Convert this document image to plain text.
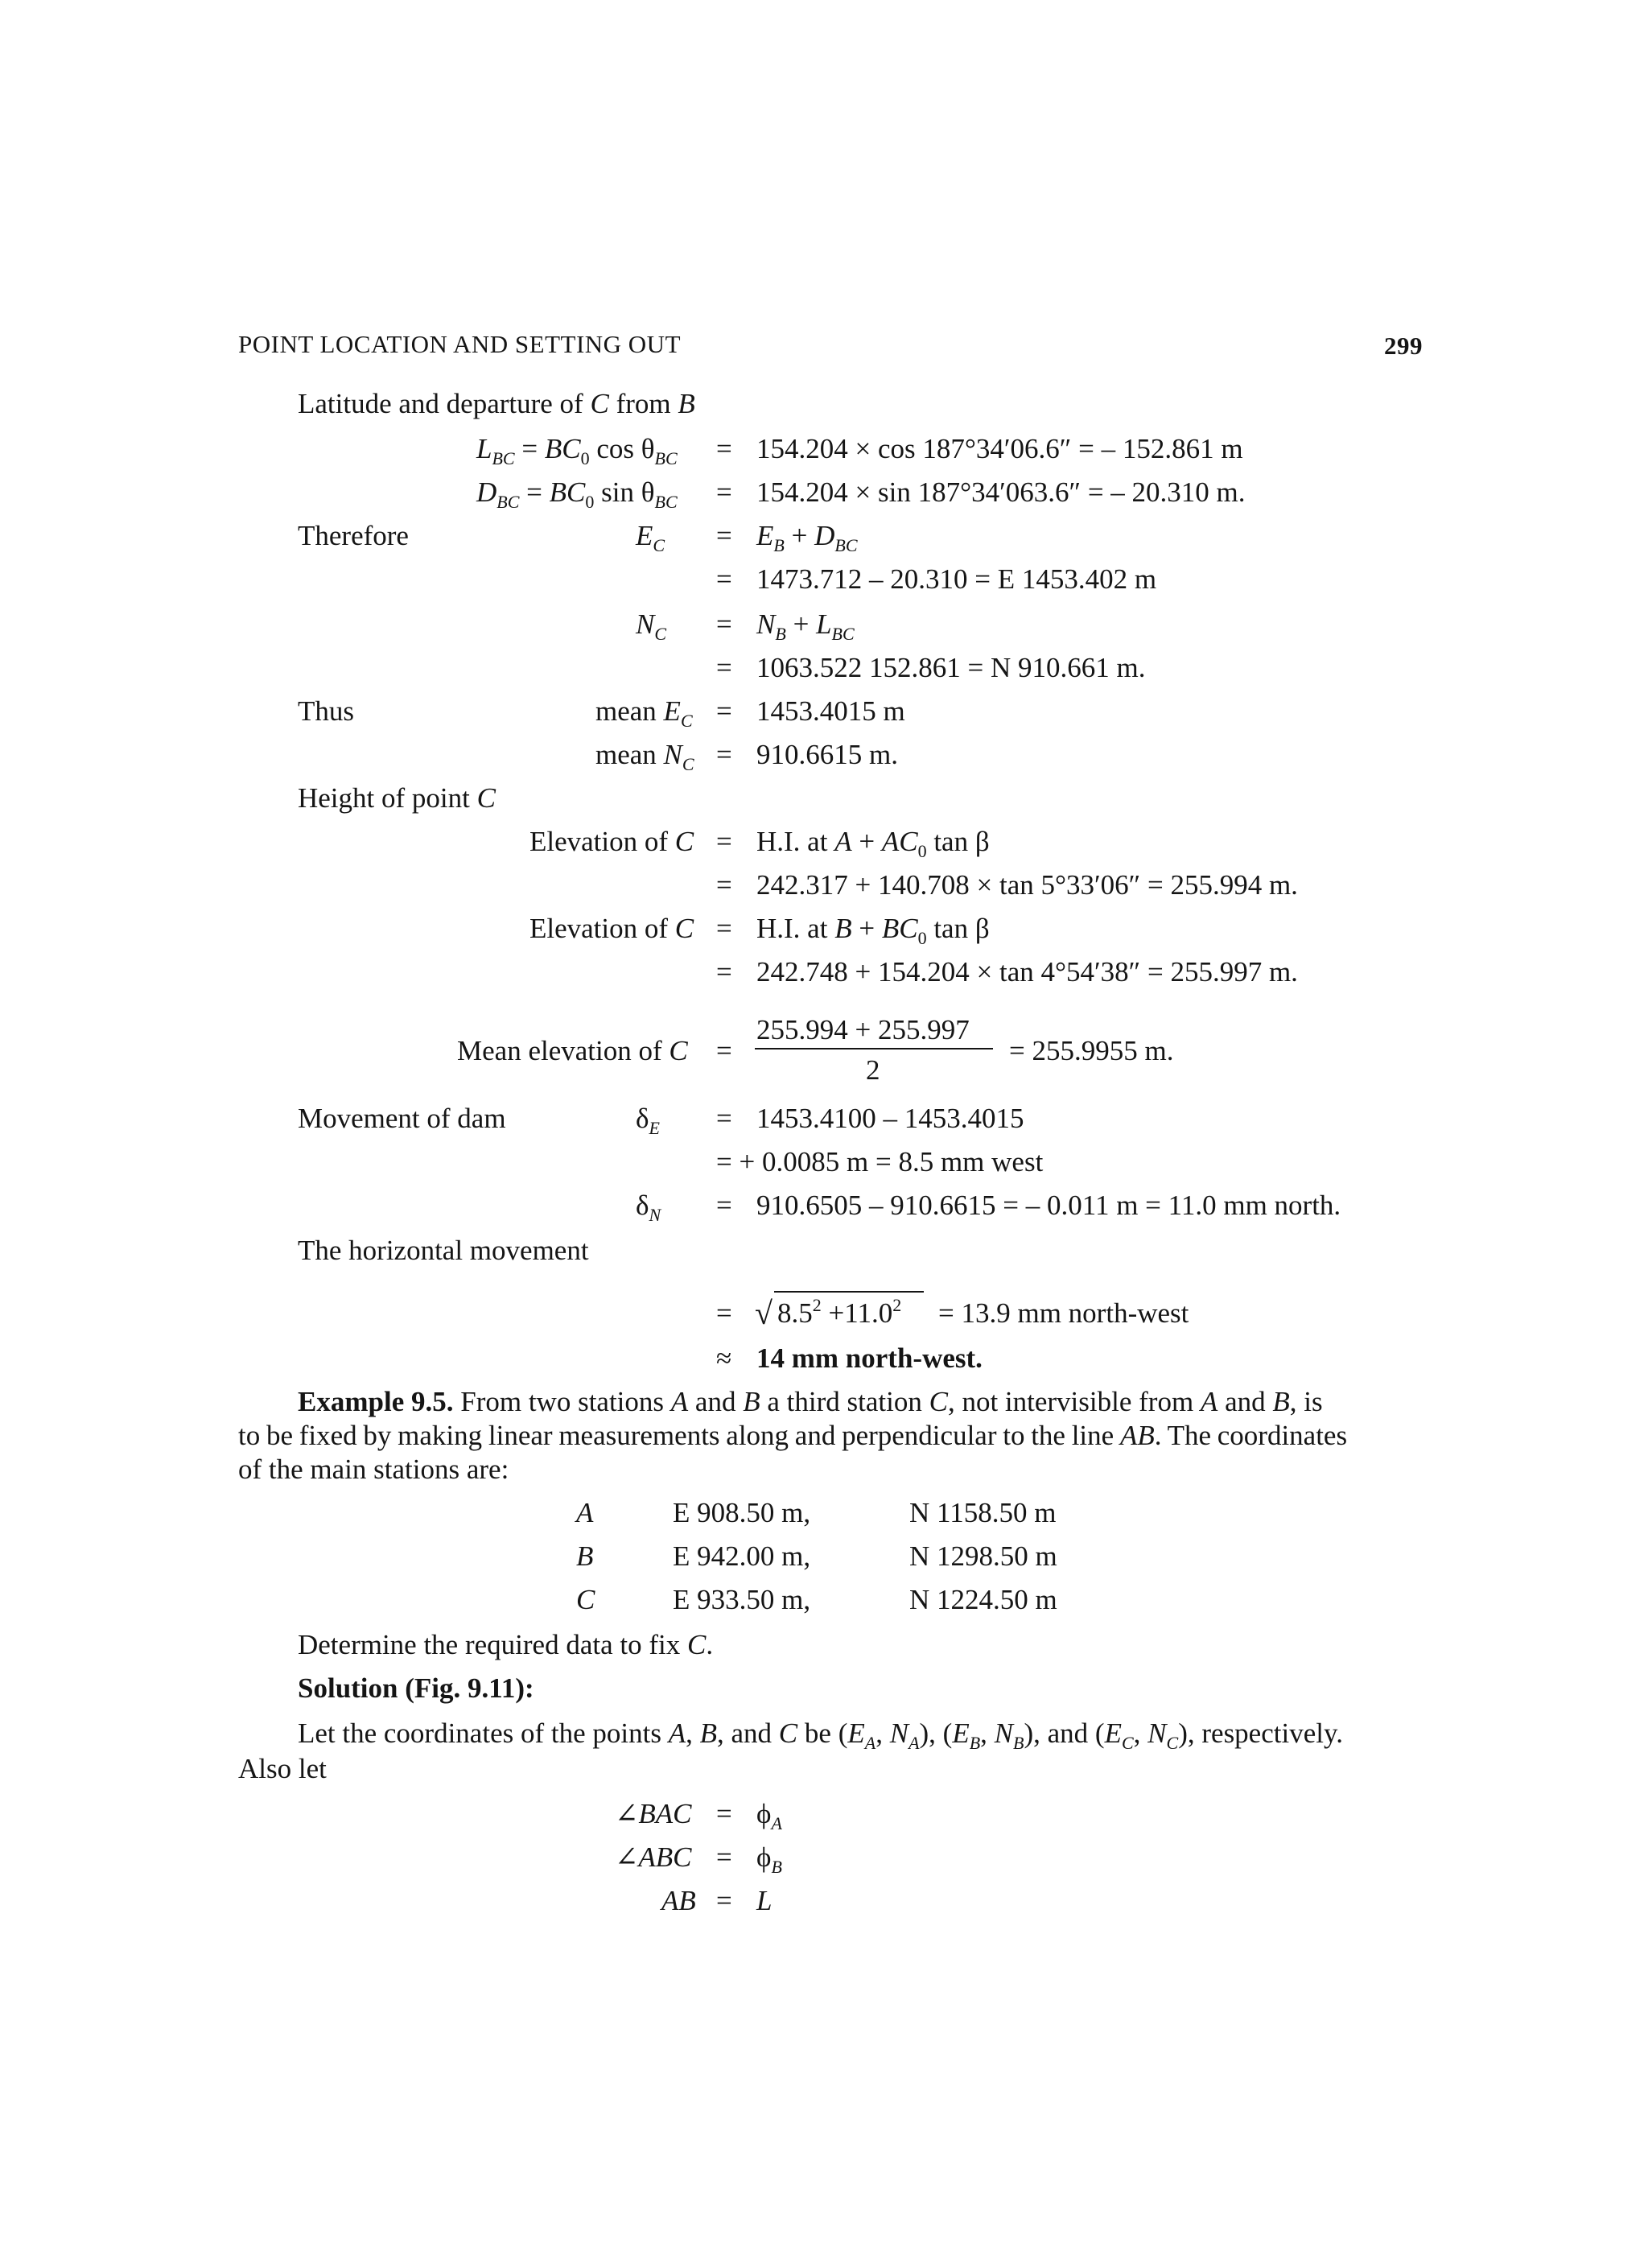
POINT LOCATION AND SETTING OUT	299
Latitude and departure of C from B
$L_{BC} = BC_0$ $\cos \theta_{BC} = 154.204 \times \cos 187^\circ 34'06.6''$ = – 152.861 m
$D_{BC} = BC_0$ $\sin \theta_{BC} = 154.204 \times \sin 187^\circ 34'063.6''$ = – 20.310 m.
Therefore	$E_C = E_B + D_{BC}$
= 1473.712 – 20.310 = E 1453.402 m
$N_C = N_B + L_{BC}$
= 1063.522 152.861 = N 910.661 m.
Thus	mean $E_C = 1453.4015$ m
mean $N_C = 910.6615$ m.
Height of point C
Elevation of C = H.I. at $A + AC_0$ tan β
= 242.317 + 140.708 × tan 5°33′06″ = 255.994 m.
Elevation of C = H.I. at $B + BC_0$ tan β
= 242.748 + 154.204 × tan 4°54′38″ = 255.997 m.
Mean elevation of C =
255.994 + 255.997
2
= 255.9955 m.
Movement of dam	$\delta_E = 1453.4100 - 1453.4015$
= + 0.0085 m = 8.5 mm west
$\delta_N = 910.6505 - 910.6615$ = – 0.011 m = 11.0 mm north.
The horizontal movement
= √ $8.5^2 +11.0^2 = 13.9$ mm north-west
≈ 14 mm north-west.
Example 9.5. From two stations A and B a third station C, not intervisible from A and B, is
to be fixed by making linear measurements along and perpendicular to the line AB. The coordinates
of the main stations are:
A	E 908.50 m,	N 1158.50 m
B	E 942.00 m,	N 1298.50 m
C	E 933.50 m,	N 1224.50 m
Determine the required data to fix C.
Solution (Fig. 9.11):
Let the coordinates of the points A, B, and C be ($E_A$, $N_A$), ($E_B$, $N_B$), and ($E_C$, $N_C$), respectively.
Also let
∠BAC = $\phi_A$
∠ABC = $\phi_B$
AB = L
